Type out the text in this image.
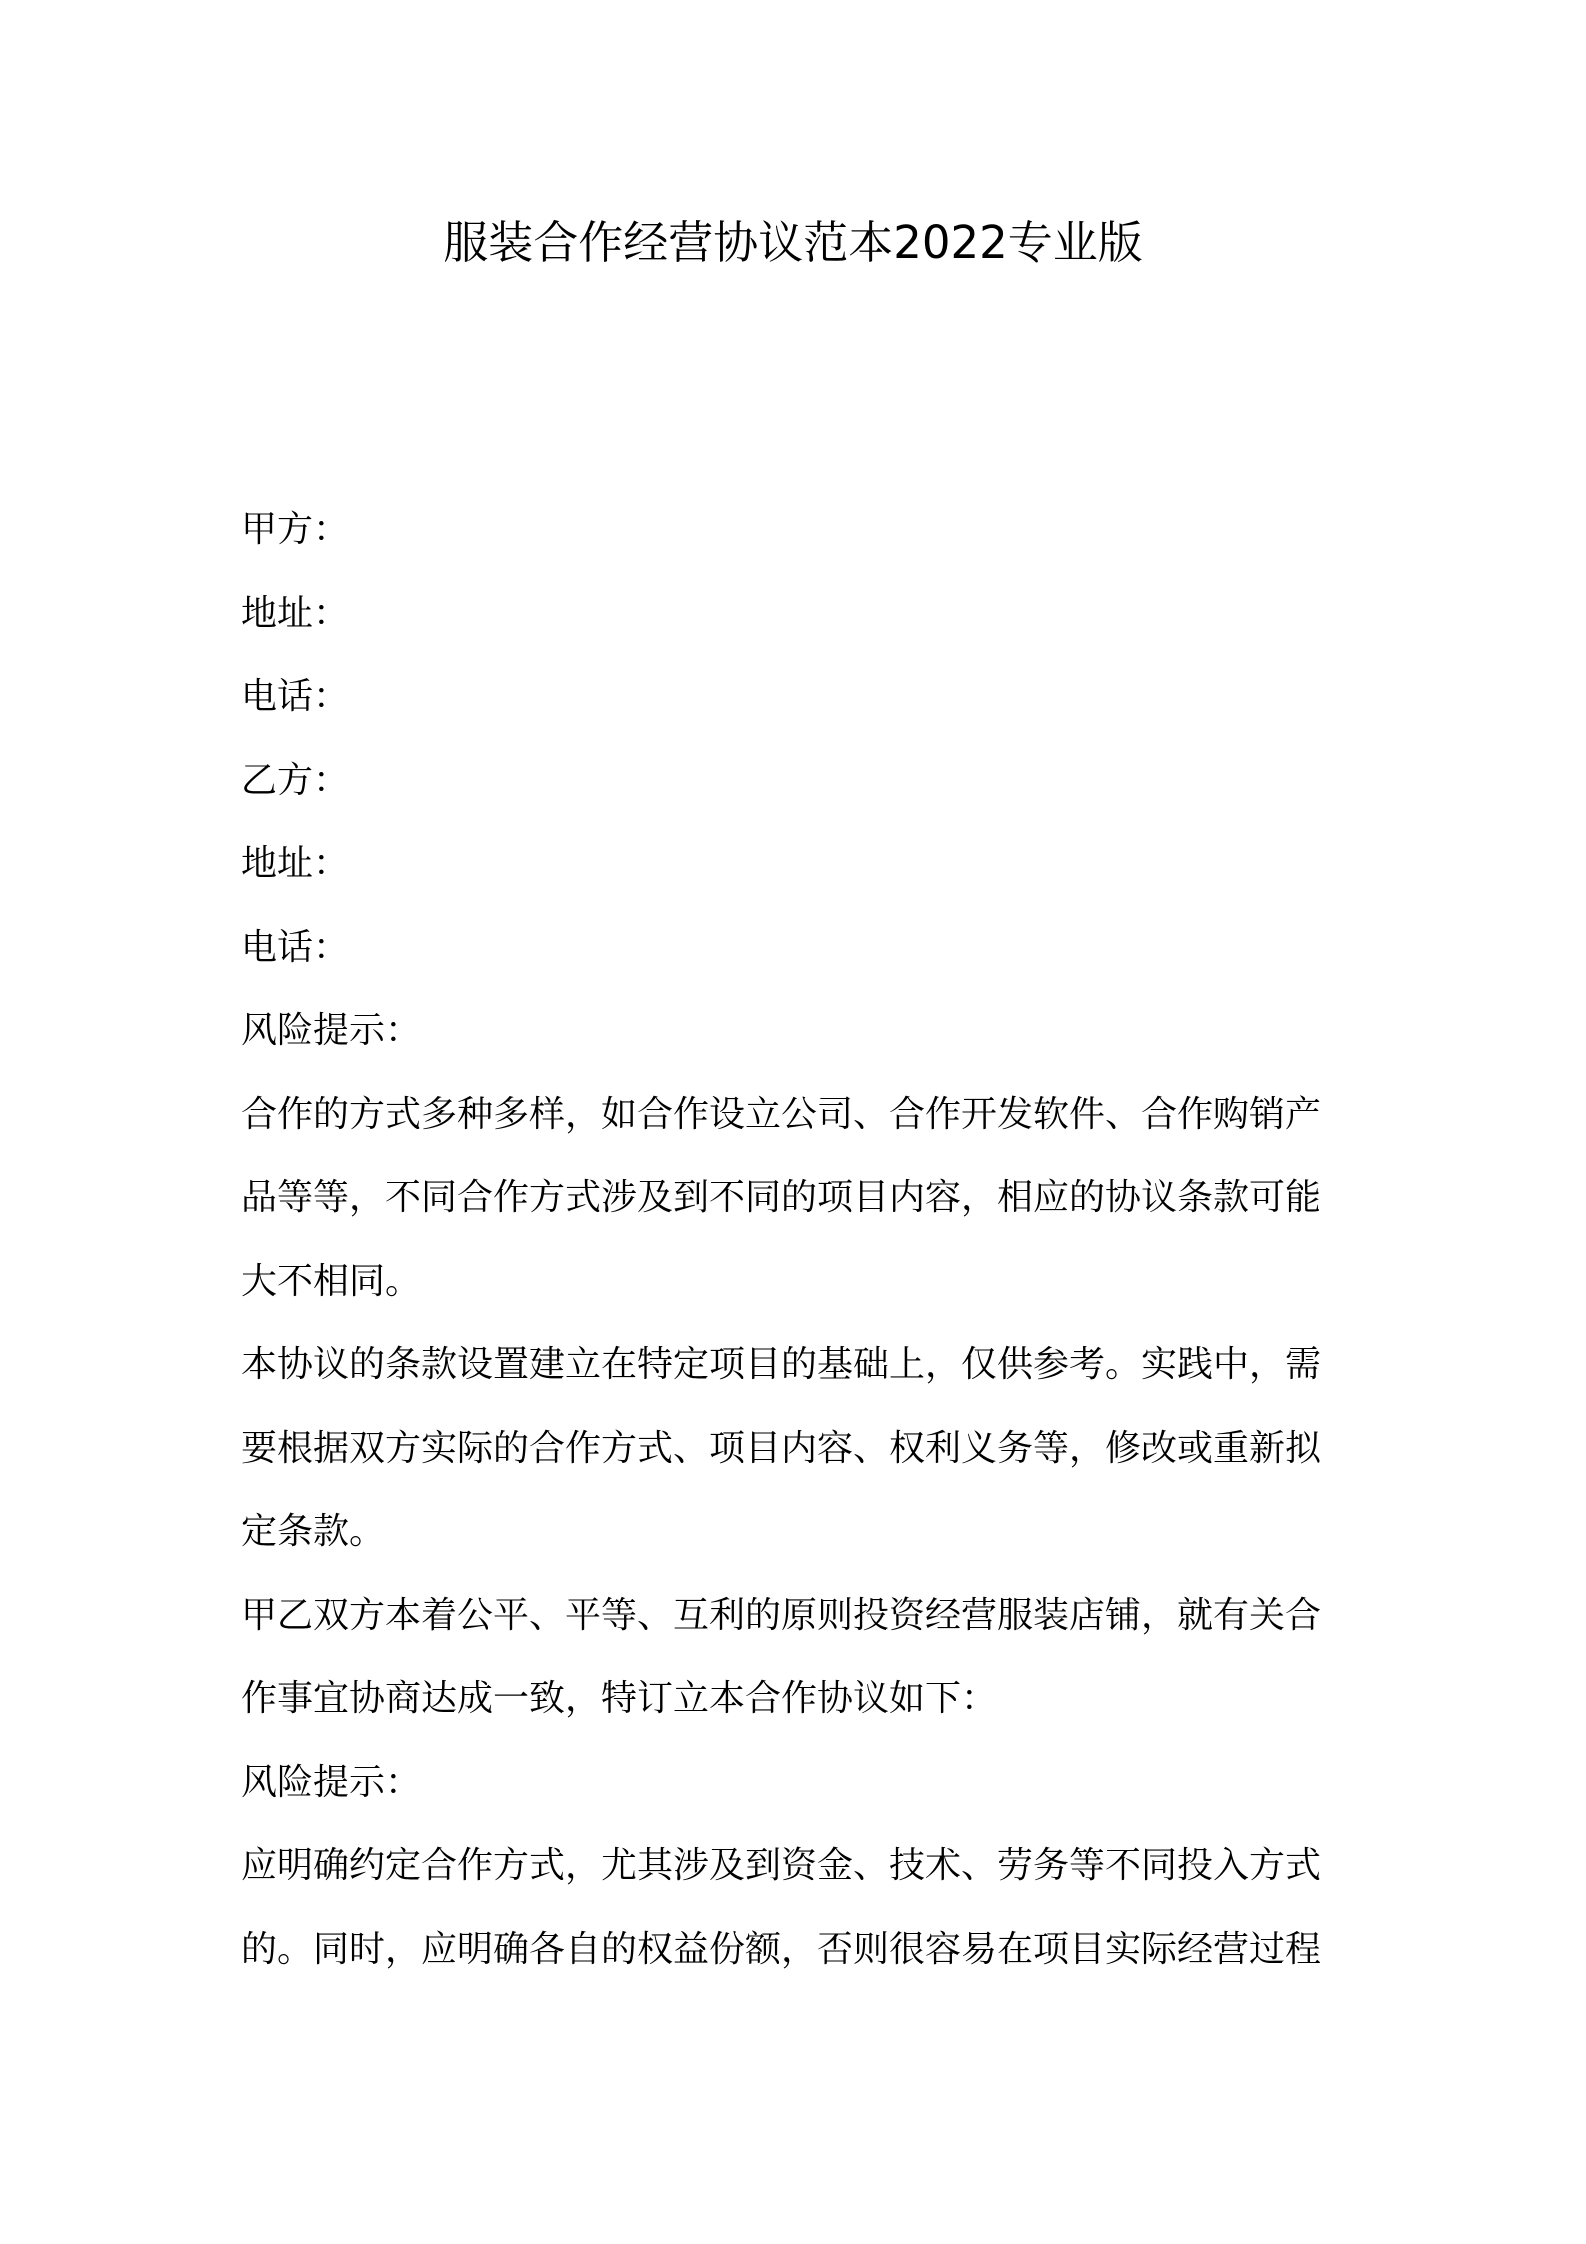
服装合作经营协议范本2022专业版
甲方：
地址：
电话：
乙方：
地址：
电话：
风险提示：
合作的方式多种多样，如合作设立公司、合作开发软件、合作购销产
品等等，不同合作方式涉及到不同的项目内容，相应的协议条款可能
大不相同。
本协议的条款设置建立在特定项目的基础上，仅供参考。实践中，需
要根据双方实际的合作方式、项目内容、权利义务等，修改或重新拟
定条款。
甲乙双方本着公平、平等、互利的原则投资经营服装店铺，就有关合
作事宜协商达成一致，特订立本合作协议如下：
风险提示：
应明确约定合作方式，尤其涉及到资金、技术、劳务等不同投入方式
的。同时，应明确各自的权益份额，否则很容易在项目实际经营过程
